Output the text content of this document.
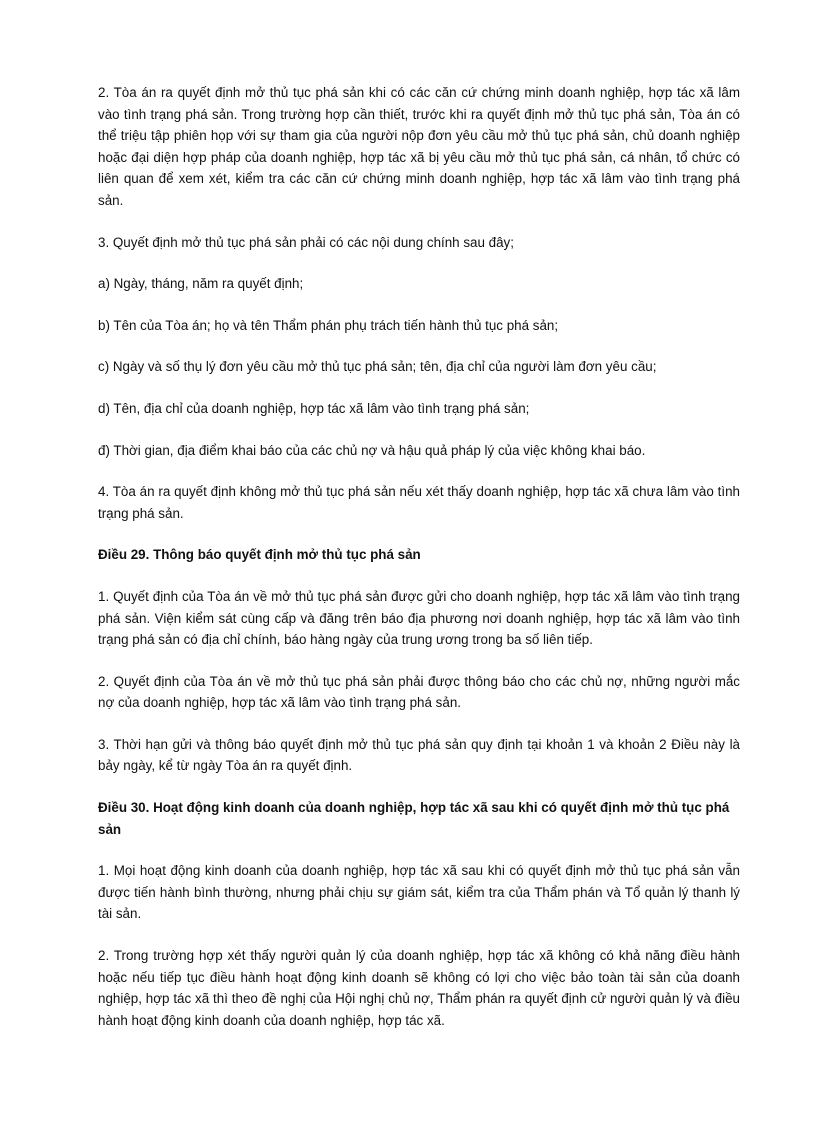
2. Tòa án ra quyết định mở thủ tục phá sản khi có các căn cứ chứng minh doanh nghiệp, hợp tác xã lâm vào tình trạng phá sản. Trong trường hợp cần thiết, trước khi ra quyết định mở thủ tục phá sản, Tòa án có thể triệu tập phiên họp với sự tham gia của người nộp đơn yêu cầu mở thủ tục phá sản, chủ doanh nghiệp hoặc đại diện hợp pháp của doanh nghiệp, hợp tác xã bị yêu cầu mở thủ tục phá sản, cá nhân, tổ chức có liên quan để xem xét, kiểm tra các căn cứ chứng minh doanh nghiệp, hợp tác xã lâm vào tình trạng phá sản.

3. Quyết định mở thủ tục phá sản phải có các nội dung chính sau đây;

a) Ngày, tháng, năm ra quyết định;

b) Tên của Tòa án; họ và tên Thẩm phán phụ trách tiến hành thủ tục phá sản;

c) Ngày và số thụ lý đơn yêu cầu mở thủ tục phá sản; tên, địa chỉ của người làm đơn yêu cầu;

d) Tên, địa chỉ của doanh nghiệp, hợp tác xã lâm vào tình trạng phá sản;

đ) Thời gian, địa điểm khai báo của các chủ nợ và hậu quả pháp lý của việc không khai báo.

4. Tòa án ra quyết định không mở thủ tục phá sản nếu xét thấy doanh nghiệp, hợp tác xã chưa lâm vào tình trạng phá sản.

Điều 29. Thông báo quyết định mở thủ tục phá sản

1. Quyết định của Tòa án về mở thủ tục phá sản được gửi cho doanh nghiệp, hợp tác xã lâm vào tình trạng phá sản. Viện kiểm sát cùng cấp và đăng trên báo địa phương nơi doanh nghiệp, hợp tác xã lâm vào tình trạng phá sản có địa chỉ chính, báo hàng ngày của trung ương trong ba số liên tiếp.

2. Quyết định của Tòa án về mở thủ tục phá sản phải được thông báo cho các chủ nợ, những người mắc nợ của doanh nghiệp, hợp tác xã lâm vào tình trạng phá sản.

3. Thời hạn gửi và thông báo quyết định mở thủ tục phá sản quy định tại khoản 1 và khoản 2 Điều này là bảy ngày, kể từ ngày Tòa án ra quyết định.

Điều 30. Hoạt động kinh doanh của doanh nghiệp, hợp tác xã sau khi có quyết định mở thủ tục phá sản

1. Mọi hoạt động kinh doanh của doanh nghiệp, hợp tác xã sau khi có quyết định mở thủ tục phá sản vẫn được tiến hành bình thường, nhưng phải chịu sự giám sát, kiểm tra của Thẩm phán và Tổ quản lý thanh lý tài sản.

2. Trong trường hợp xét thấy người quản lý của doanh nghiệp, hợp tác xã không có khả năng điều hành hoặc nếu tiếp tục điều hành hoạt động kinh doanh sẽ không có lợi cho việc bảo toàn tài sản của doanh nghiệp, hợp tác xã thì theo đề nghị của Hội nghị chủ nợ, Thẩm phán ra quyết định cử người quản lý và điều hành hoạt động kinh doanh của doanh nghiệp, hợp tác xã.
